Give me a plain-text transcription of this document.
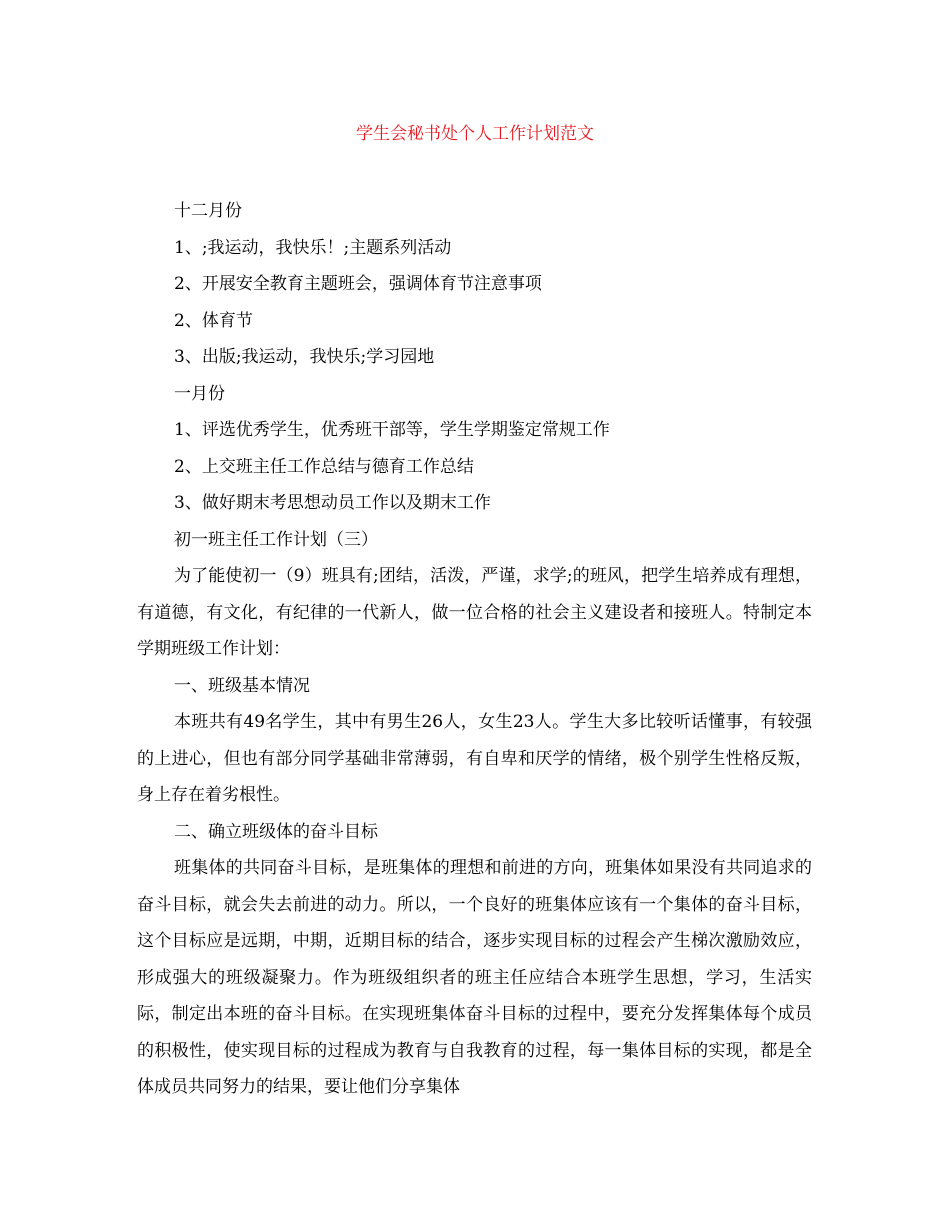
学生会秘书处个人工作计划范文

十二月份

1、;我运动，我快乐！;主题系列活动

2、开展安全教育主题班会，强调体育节注意事项

2、体育节

3、出版;我运动，我快乐;学习园地

一月份

1、评选优秀学生，优秀班干部等，学生学期鉴定常规工作

2、上交班主任工作总结与德育工作总结

3、做好期末考思想动员工作以及期末工作

初一班主任工作计划（三）

为了能使初一（9）班具有;团结，活泼，严谨，求学;的班风，把学生培养成有理想，有道德，有文化，有纪律的一代新人，做一位合格的社会主义建设者和接班人。特制定本学期班级工作计划：

一、班级基本情况

本班共有49名学生，其中有男生26人，女生23人。学生大多比较听话懂事，有较强的上进心，但也有部分同学基础非常薄弱，有自卑和厌学的情绪，极个别学生性格反叛，身上存在着劣根性。

二、确立班级体的奋斗目标

班集体的共同奋斗目标，是班集体的理想和前进的方向，班集体如果没有共同追求的奋斗目标，就会失去前进的动力。所以，一个良好的班集体应该有一个集体的奋斗目标，这个目标应是远期，中期，近期目标的结合，逐步实现目标的过程会产生梯次激励效应，形成强大的班级凝聚力。作为班级组织者的班主任应结合本班学生思想，学习，生活实际，制定出本班的奋斗目标。在实现班集体奋斗目标的过程中，要充分发挥集体每个成员的积极性，使实现目标的过程成为教育与自我教育的过程，每一集体目标的实现，都是全体成员共同努力的结果，要让他们分享集体
